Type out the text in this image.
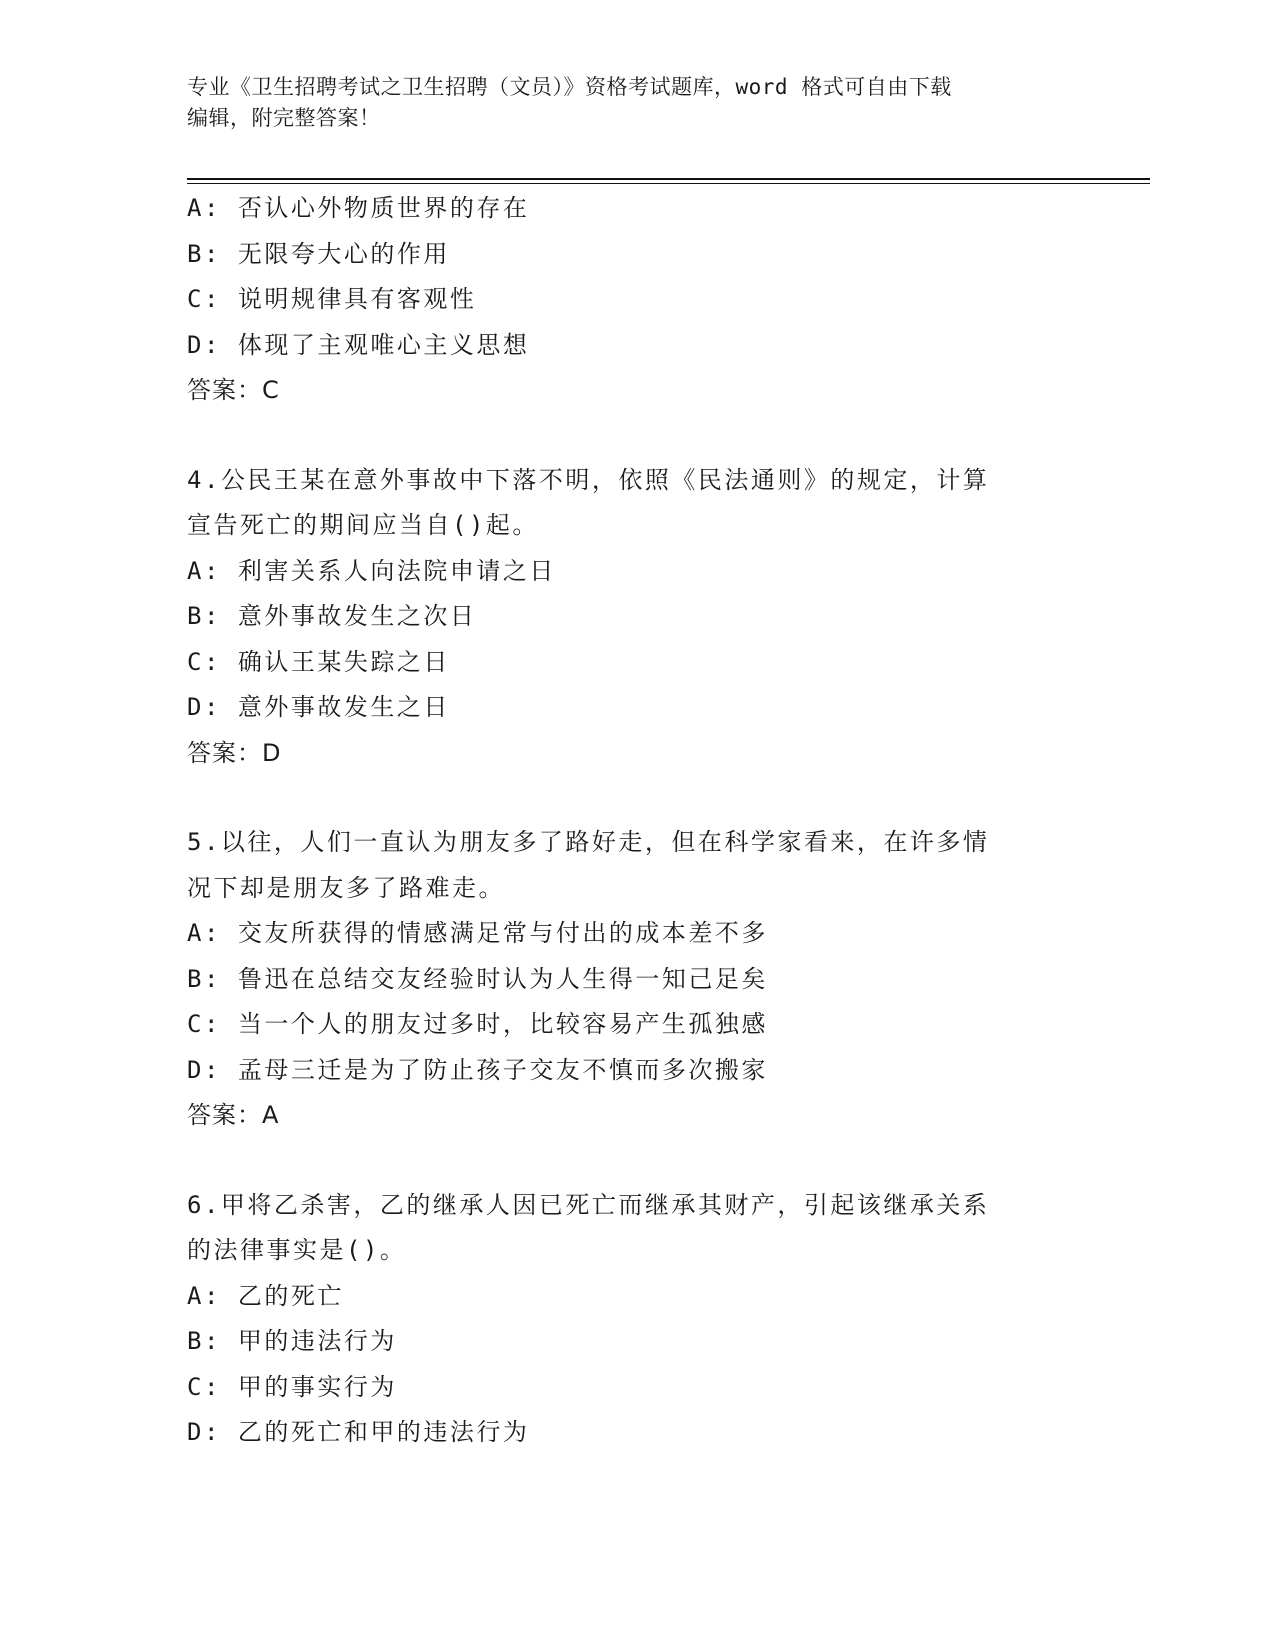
专业《卫生招聘考试之卫生招聘（文员）》资格考试题库，word 格式可自由下载
编辑，附完整答案！
A: 否认心外物质世界的存在
B: 无限夸大心的作用
C: 说明规律具有客观性
D: 体现了主观唯心主义思想
答案：C
4.公民王某在意外事故中下落不明，依照《民法通则》的规定，计算
宣告死亡的期间应当自()起。
A: 利害关系人向法院申请之日
B: 意外事故发生之次日
C: 确认王某失踪之日
D: 意外事故发生之日
答案：D
5.以往，人们一直认为朋友多了路好走，但在科学家看来，在许多情
况下却是朋友多了路难走。
A: 交友所获得的情感满足常与付出的成本差不多
B: 鲁迅在总结交友经验时认为人生得一知己足矣
C: 当一个人的朋友过多时，比较容易产生孤独感
D: 孟母三迁是为了防止孩子交友不慎而多次搬家
答案：A
6.甲将乙杀害，乙的继承人因已死亡而继承其财产，引起该继承关系
的法律事实是()。
A: 乙的死亡
B: 甲的违法行为
C: 甲的事实行为
D: 乙的死亡和甲的违法行为
